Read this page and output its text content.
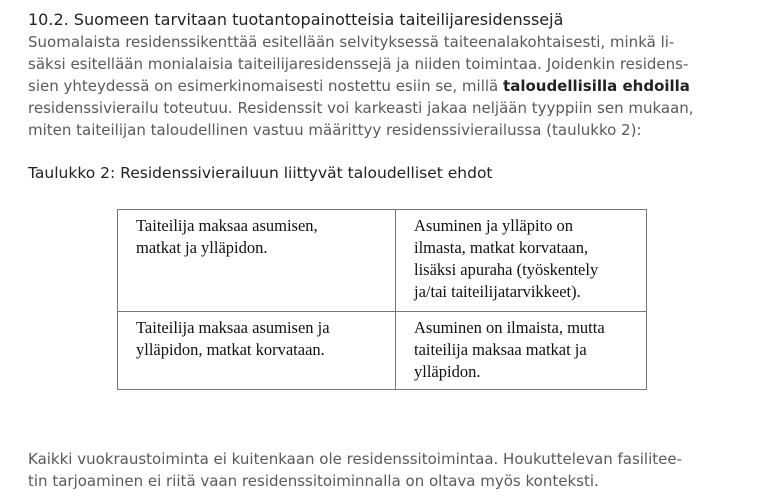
10.2. Suomeen tarvitaan tuotantopainotteisia taiteilijaresidenssejä
Suomalaista residenssikenttää esitellään selvityksessä taiteenalakohtaisesti, minkä li-
säksi esitellään monialaisia taiteilijaresidenssejä ja niiden toimintaa. Joidenkin residens-
sien yhteydessä on esimerkinomaisesti nostettu esiin se, millä taloudellisilla ehdoilla
residenssivierailu toteutuu. Residenssit voi karkeasti jakaa neljään tyyppiin sen mukaan,
miten taiteilijan taloudellinen vastuu määrittyy residenssivierailussa (taulukko 2):
Taulukko 2: Residenssivierailuun liittyvät taloudelliset ehdot
Taiteilija maksaa asumisen,
matkat ja ylläpidon.	Asuminen ja ylläpito on
ilmasta, matkat korvataan,
lisäksi apuraha (työskentely
ja/tai taiteilijatarvikkeet).

Taiteilija maksaa asumisen ja
ylläpidon, matkat korvataan.	Asuminen on ilmaista, mutta
taiteilija maksaa matkat ja
ylläpidon.
Kaikki vuokraustoiminta ei kuitenkaan ole residenssitoimintaa. Houkuttelevan fasilitee-
tin tarjoaminen ei riitä vaan residenssitoiminnalla on oltava myös konteksti.
